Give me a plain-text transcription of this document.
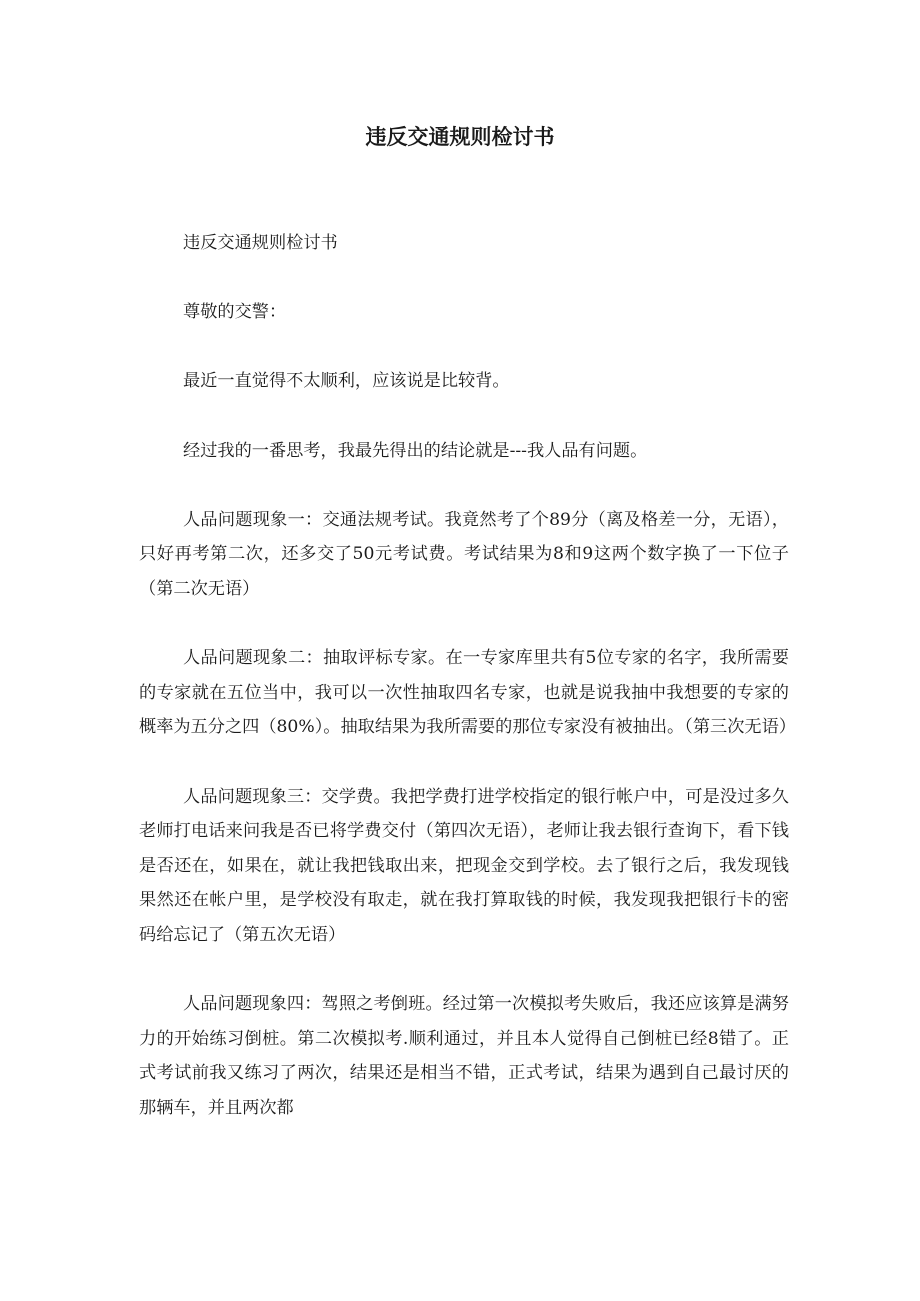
违反交通规则检讨书

违反交通规则检讨书

尊敬的交警：

最近一直觉得不太顺利，应该说是比较背。

经过我的一番思考，我最先得出的结论就是---我人品有问题。

人品问题现象一：交通法规考试。我竟然考了个89分（离及格差一分，无语），只好再考第二次，还多交了50元考试费。考试结果为8和9这两个数字换了一下位子（第二次无语）

人品问题现象二：抽取评标专家。在一专家库里共有5位专家的名字，我所需要的专家就在五位当中，我可以一次性抽取四名专家，也就是说我抽中我想要的专家的概率为五分之四（80%）。抽取结果为我所需要的那位专家没有被抽出。（第三次无语）

人品问题现象三：交学费。我把学费打进学校指定的银行帐户中，可是没过多久老师打电话来问我是否已将学费交付（第四次无语），老师让我去银行查询下，看下钱是否还在，如果在，就让我把钱取出来，把现金交到学校。去了银行之后，我发现钱果然还在帐户里，是学校没有取走，就在我打算取钱的时候，我发现我把银行卡的密码给忘记了（第五次无语）

人品问题现象四：驾照之考倒班。经过第一次模拟考失败后，我还应该算是满努力的开始练习倒桩。第二次模拟考.顺利通过，并且本人觉得自己倒桩已经8错了。正式考试前我又练习了两次，结果还是相当不错，正式考试，结果为遇到自己最讨厌的那辆车，并且两次都
